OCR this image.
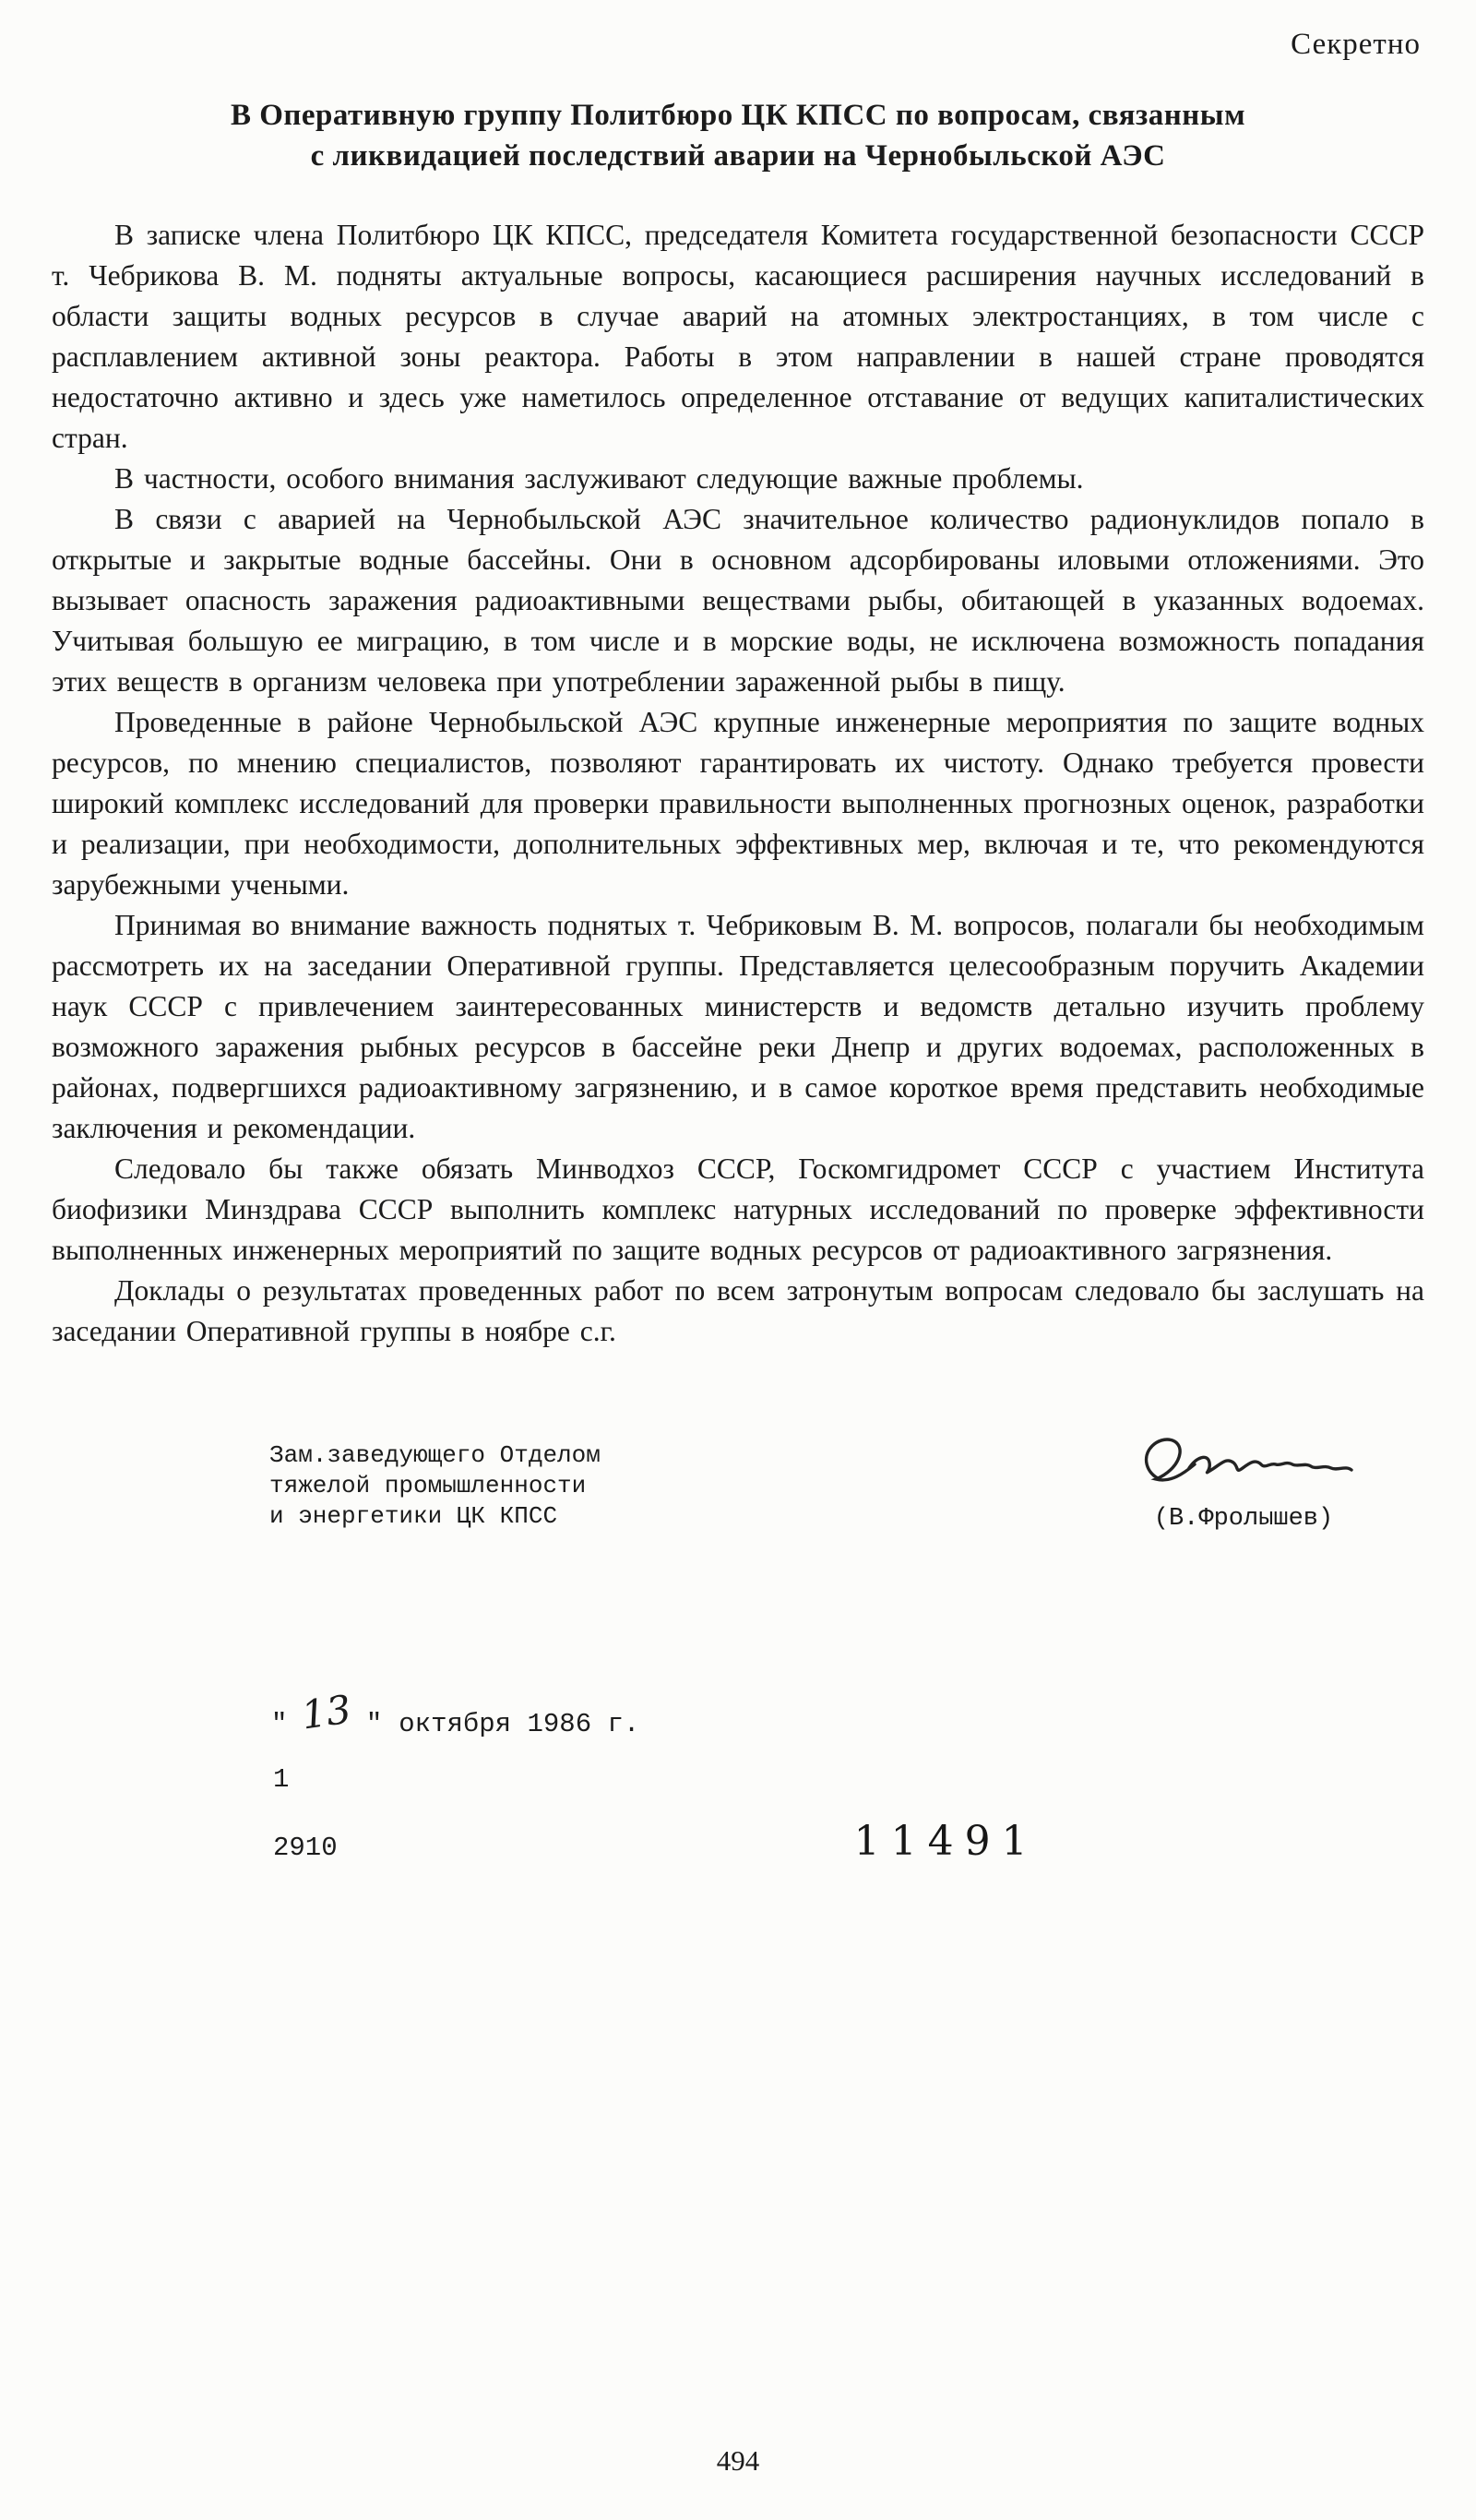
Секретно
В Оперативную группу Политбюро ЦК КПСС по вопросам, связанным
с ликвидацией последствий аварии на Чернобыльской АЭС

В записке члена Политбюро ЦК КПСС, председателя Комитета государственной безопасности СССР т. Чебрикова В. М. подняты актуальные вопросы, касающиеся расширения научных исследований в области защиты водных ресурсов в случае аварий на атомных электростанциях, в том числе с расплавлением активной зоны реактора. Работы в этом направлении в нашей стране проводятся недостаточно активно и здесь уже наметилось определенное отставание от ведущих капиталистических стран.

В частности, особого внимания заслуживают следующие важные проблемы.

В связи с аварией на Чернобыльской АЭС значительное количество радионуклидов попало в открытые и закрытые водные бассейны. Они в основном адсорбированы иловыми отложениями. Это вызывает опасность заражения радиоактивными веществами рыбы, обитающей в указанных водоемах. Учитывая большую ее миграцию, в том числе и в морские воды, не исключена возможность попадания этих веществ в организм человека при употреблении зараженной рыбы в пищу.

Проведенные в районе Чернобыльской АЭС крупные инженерные мероприятия по защите водных ресурсов, по мнению специалистов, позволяют гарантировать их чистоту. Однако требуется провести широкий комплекс исследований для проверки правильности выполненных прогнозных оценок, разработки и реализации, при необходимости, дополнительных эффективных мер, включая и те, что рекомендуются зарубежными учеными.

Принимая во внимание важность поднятых т. Чебриковым В. М. вопросов, полагали бы необходимым рассмотреть их на заседании Оперативной группы. Представляется целесообразным поручить Академии наук СССР с привлечением заинтересованных министерств и ведомств детально изучить проблему возможного заражения рыбных ресурсов в бассейне реки Днепр и других водоемах, расположенных в районах, подвергшихся радиоактивному загрязнению, и в самое короткое время представить необходимые заключения и рекомендации.

Следовало бы также обязать Минводхоз СССР, Госкомгидромет СССР с участием Института биофизики Минздрава СССР выполнить комплекс натурных исследований по проверке эффективности выполненных инженерных мероприятий по защите водных ресурсов от радиоактивного загрязнения.

Доклады о результатах проведенных работ по всем затронутым вопросам следовало бы заслушать на заседании Оперативной группы в ноябре с.г.

Зам.заведующего Отделом
тяжелой промышленности
и энергетики ЦК КПСС	(В.Фролышев)
" 13 " октября 1986 г.
1
2910	11491
494
